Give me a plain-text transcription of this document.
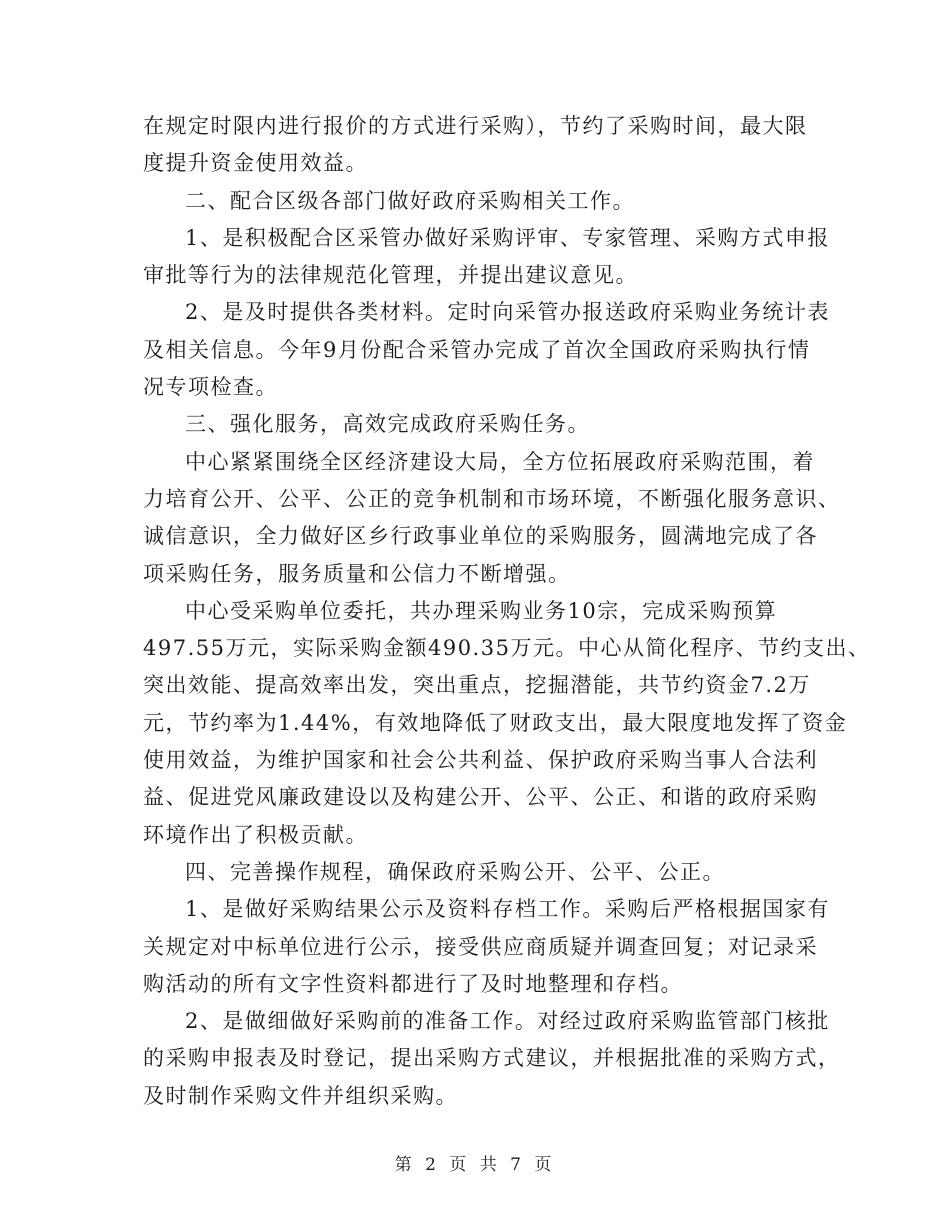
在规定时限内进行报价的方式进行采购），节约了采购时间，最大限
度提升资金使用效益。
二、配合区级各部门做好政府采购相关工作。
1、是积极配合区采管办做好采购评审、专家管理、采购方式申报
审批等行为的法律规范化管理，并提出建议意见。
2、是及时提供各类材料。定时向采管办报送政府采购业务统计表
及相关信息。今年9月份配合采管办完成了首次全国政府采购执行情
况专项检查。
三、强化服务，高效完成政府采购任务。
中心紧紧围绕全区经济建设大局，全方位拓展政府采购范围，着
力培育公开、公平、公正的竞争机制和市场环境，不断强化服务意识、
诚信意识，全力做好区乡行政事业单位的采购服务，圆满地完成了各
项采购任务，服务质量和公信力不断增强。
中心受采购单位委托，共办理采购业务10宗，完成采购预算
497.55万元，实际采购金额490.35万元。中心从简化程序、节约支出、
突出效能、提高效率出发，突出重点，挖掘潜能，共节约资金7.2万
元，节约率为1.44%，有效地降低了财政支出，最大限度地发挥了资金
使用效益，为维护国家和社会公共利益、保护政府采购当事人合法利
益、促进党风廉政建设以及构建公开、公平、公正、和谐的政府采购
环境作出了积极贡献。
四、完善操作规程，确保政府采购公开、公平、公正。
1、是做好采购结果公示及资料存档工作。采购后严格根据国家有
关规定对中标单位进行公示，接受供应商质疑并调查回复；对记录采
购活动的所有文字性资料都进行了及时地整理和存档。
2、是做细做好采购前的准备工作。对经过政府采购监管部门核批
的采购申报表及时登记，提出采购方式建议，并根据批准的采购方式，
及时制作采购文件并组织采购。
第 2 页 共 7 页
